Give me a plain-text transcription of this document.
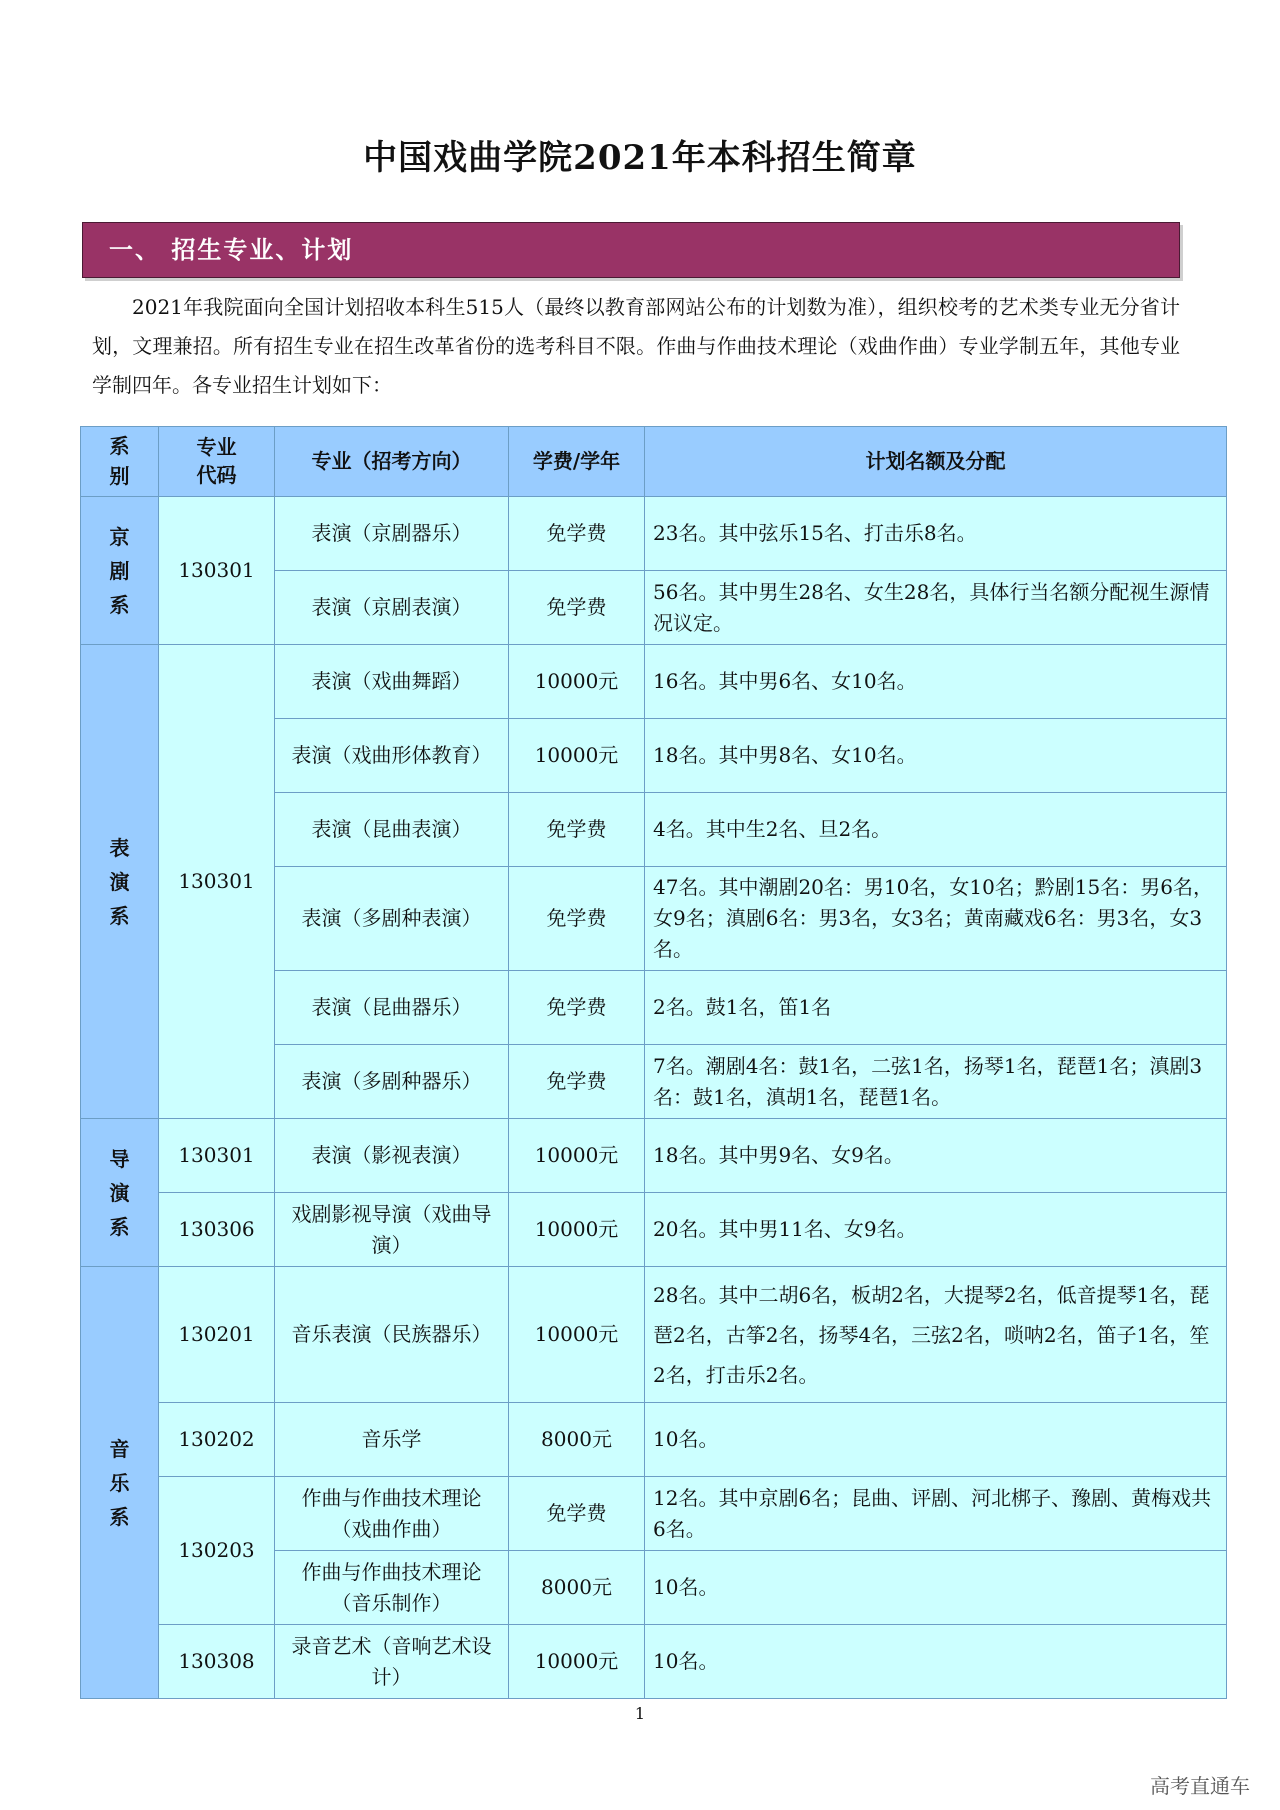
中国戏曲学院2021年本科招生简章
一、 招生专业、计划

2021年我院面向全国计划招收本科生515人（最终以教育部网站公布的计划数为准），组织校考的艺术类专业无分省计划，文理兼招。所有招生专业在招生改革省份的选考科目不限。作曲与作曲技术理论（戏曲作曲）专业学制五年，其他专业学制四年。各专业招生计划如下：

系别	专业代码	专业（招考方向）	学费/学年	计划名额及分配
京剧系	130301	表演（京剧器乐）	免学费	23名。其中弦乐15名、打击乐8名。
		表演（京剧表演）	免学费	56名。其中男生28名、女生28名，具体行当名额分配视生源情况议定。
表演系	130301	表演（戏曲舞蹈）	10000元	16名。其中男6名、女10名。
		表演（戏曲形体教育）	10000元	18名。其中男8名、女10名。
		表演（昆曲表演）	免学费	4名。其中生2名、旦2名。
		表演（多剧种表演）	免学费	47名。其中潮剧20名：男10名，女10名；黔剧15名：男6名，女9名；滇剧6名：男3名，女3名；黄南藏戏6名：男3名，女3名。
		表演（昆曲器乐）	免学费	2名。鼓1名，笛1名
		表演（多剧种器乐）	免学费	7名。潮剧4名：鼓1名，二弦1名，扬琴1名，琵琶1名；滇剧3名：鼓1名，滇胡1名，琵琶1名。
导演系	130301	表演（影视表演）	10000元	18名。其中男9名、女9名。
	130306	戏剧影视导演（戏曲导演）	10000元	20名。其中男11名、女9名。
音乐系	130201	音乐表演（民族器乐）	10000元	28名。其中二胡6名，板胡2名，大提琴2名，低音提琴1名，琵琶2名，古筝2名，扬琴4名，三弦2名，唢呐2名，笛子1名，笙2名，打击乐2名。
	130202	音乐学	8000元	10名。
	130203	作曲与作曲技术理论（戏曲作曲）	免学费	12名。其中京剧6名；昆曲、评剧、河北梆子、豫剧、黄梅戏共6名。
		作曲与作曲技术理论（音乐制作）	8000元	10名。
	130308	录音艺术（音响艺术设计）	10000元	10名。
1
高考直通车
